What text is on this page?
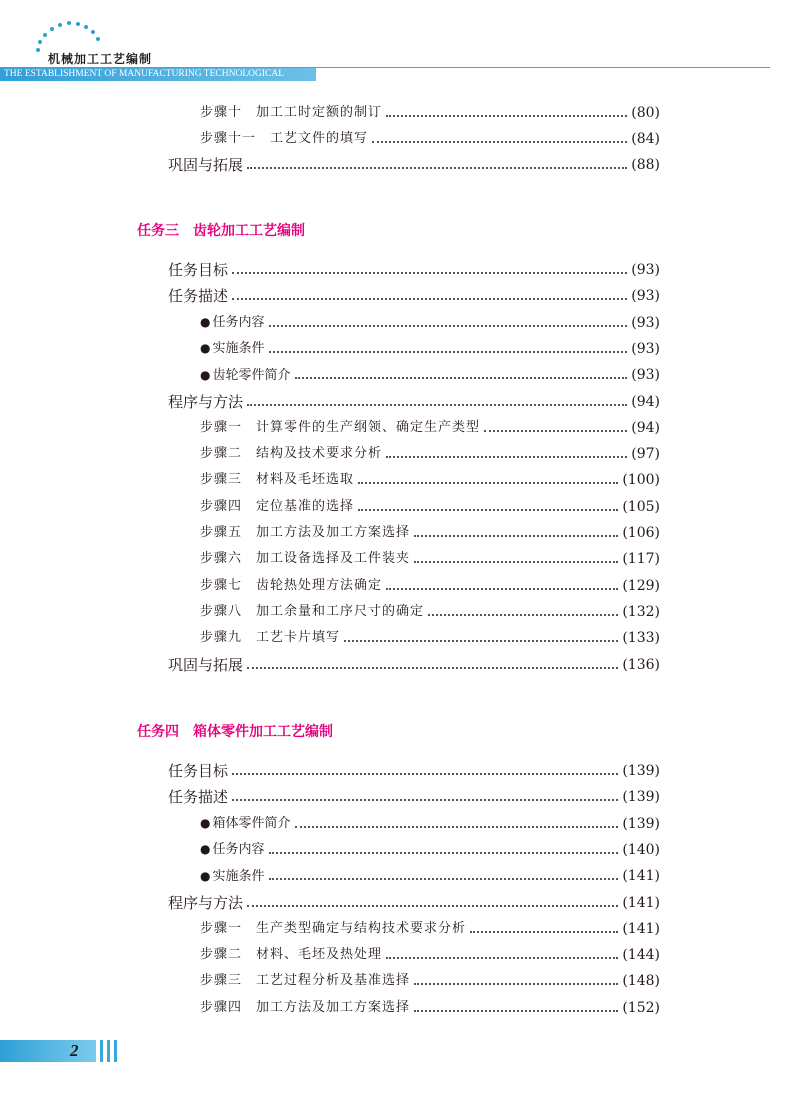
机械加工工艺编制
THE ESTABLISHMENT OF MANUFACTURING TECHNOLOGICAL
步骤十 加工工时定额的制订	(80)
步骤十一 工艺文件的填写	(84)
巩固与拓展	(88)
任务三 齿轮加工工艺编制
任务目标	(93)
任务描述	(93)
● 任务内容	(93)
● 实施条件	(93)
● 齿轮零件简介	(93)
程序与方法	(94)
步骤一 计算零件的生产纲领、确定生产类型	(94)
步骤二 结构及技术要求分析	(97)
步骤三 材料及毛坯选取	(100)
步骤四 定位基准的选择	(105)
步骤五 加工方法及加工方案选择	(106)
步骤六 加工设备选择及工件装夹	(117)
步骤七 齿轮热处理方法确定	(129)
步骤八 加工余量和工序尺寸的确定	(132)
步骤九 工艺卡片填写	(133)
巩固与拓展	(136)
任务四 箱体零件加工工艺编制
任务目标	(139)
任务描述	(139)
● 箱体零件简介	(139)
● 任务内容	(140)
● 实施条件	(141)
程序与方法	(141)
步骤一 生产类型确定与结构技术要求分析	(141)
步骤二 材料、毛坯及热处理	(144)
步骤三 工艺过程分析及基准选择	(148)
步骤四 加工方法及加工方案选择	(152)
2
